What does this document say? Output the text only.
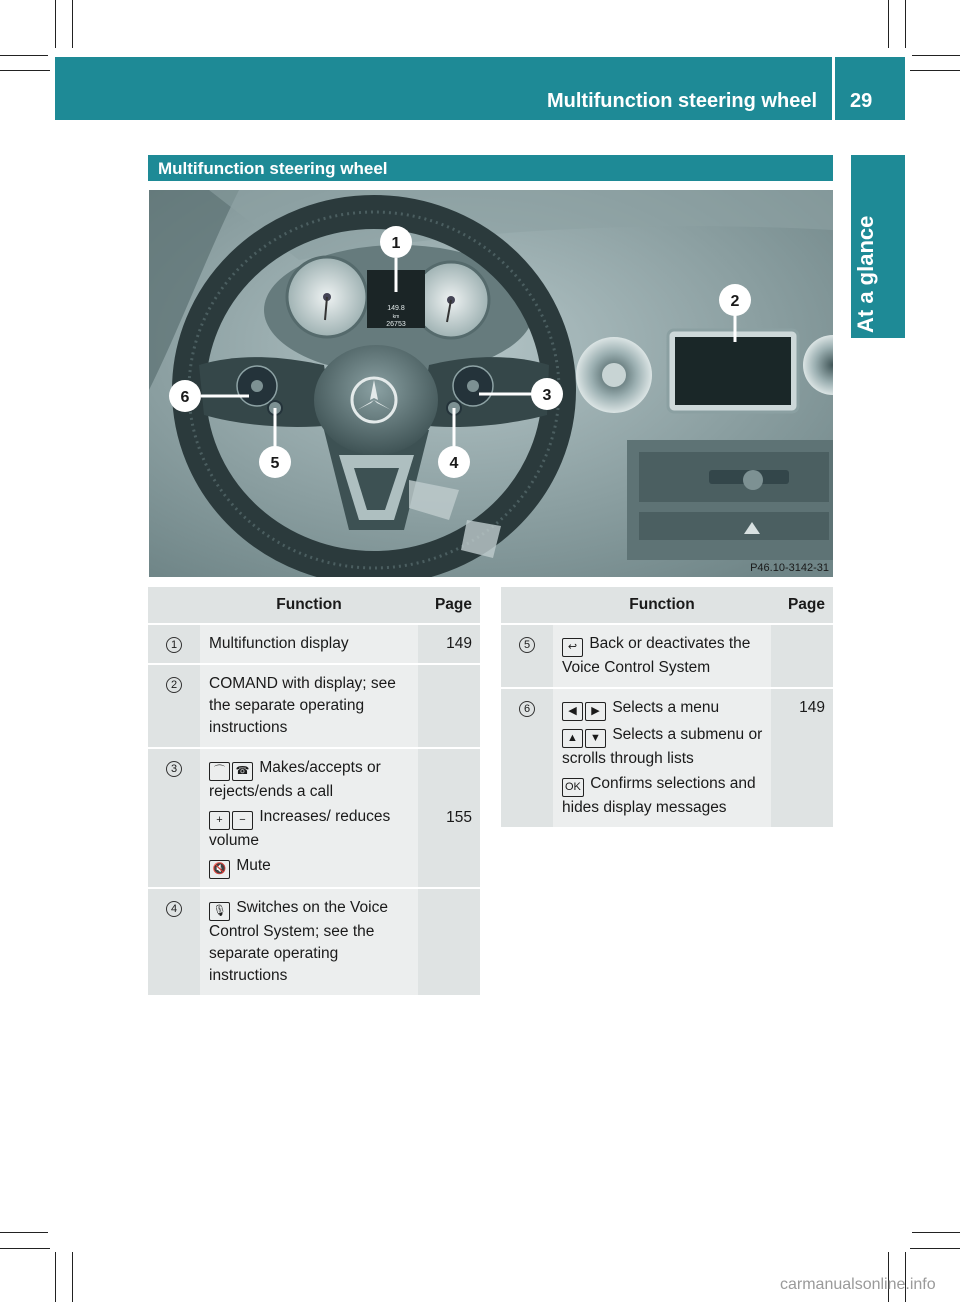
Multifunction steering wheel 29
At a glance
Multifunction steering wheel
149.8
km
26753
1
2
3
4
5
6
P46.10-3142-31
	Function	Page
1	Multifunction display	149
2	COMAND with display; see the separate operating instructions	

3	⌒ ☎ Makes/accepts or rejects/ends a call
+ − Increases/ reduces volume
🔇 Mute	155
4	🎙 Switches on the Voice Control System; see the separate operating instructions	

	Function	Page
5	↩ Back or deactivates the Voice Control System	

6	◀ ▶ Selects a menu
▲ ▼ Selects a submenu or scrolls through lists
OK Confirms selections and hides display messages	149
carmanualsonline.info
